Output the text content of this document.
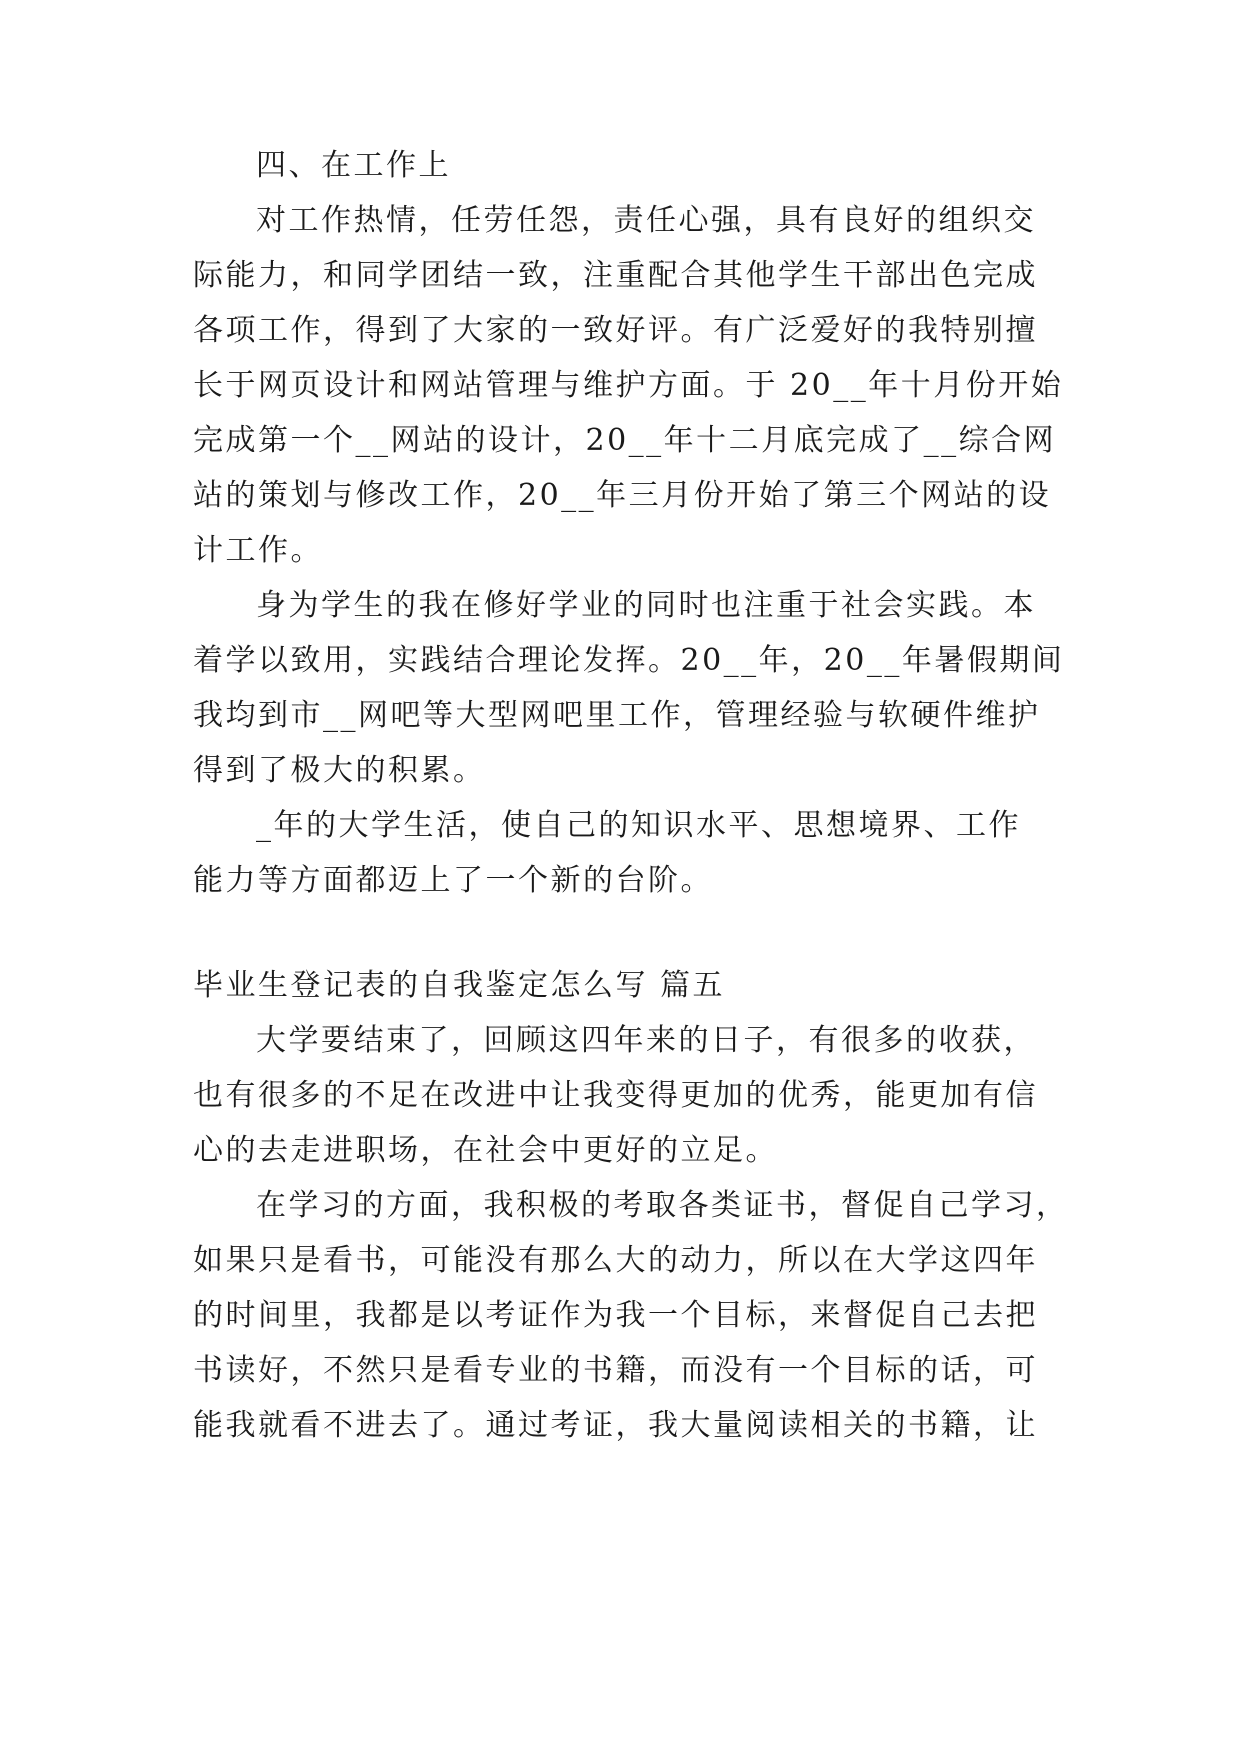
四、在工作上
对工作热情，任劳任怨，责任心强，具有良好的组织交
际能力，和同学团结一致，注重配合其他学生干部出色完成
各项工作，得到了大家的一致好评。有广泛爱好的我特别擅
长于网页设计和网站管理与维护方面。于 20__年十月份开始
完成第一个__网站的设计，20__年十二月底完成了__综合网
站的策划与修改工作，20__年三月份开始了第三个网站的设
计工作。
身为学生的我在修好学业的同时也注重于社会实践。本
着学以致用，实践结合理论发挥。20__年，20__年暑假期间
我均到市__网吧等大型网吧里工作，管理经验与软硬件维护
得到了极大的积累。
_年的大学生活，使自己的知识水平、思想境界、工作
能力等方面都迈上了一个新的台阶。
毕业生登记表的自我鉴定怎么写 篇五
大学要结束了，回顾这四年来的日子，有很多的收获，
也有很多的不足在改进中让我变得更加的优秀，能更加有信
心的去走进职场，在社会中更好的立足。
在学习的方面，我积极的考取各类证书，督促自己学习，
如果只是看书，可能没有那么大的动力，所以在大学这四年
的时间里，我都是以考证作为我一个目标，来督促自己去把
书读好，不然只是看专业的书籍，而没有一个目标的话，可
能我就看不进去了。通过考证，我大量阅读相关的书籍，让
